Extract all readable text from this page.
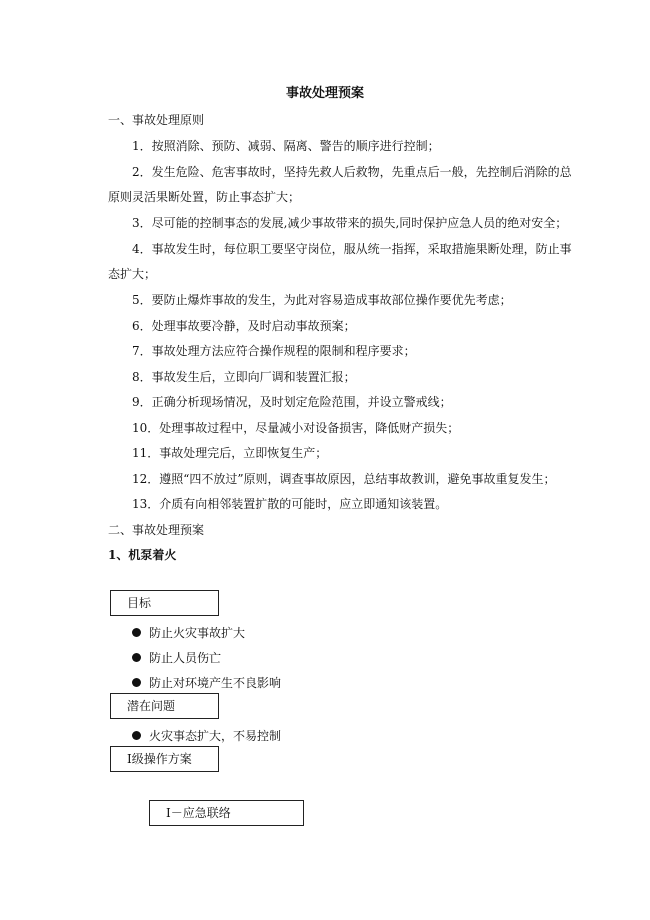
事故处理预案
一、事故处理原则
1．按照消除、预防、减弱、隔离、警告的顺序进行控制；
2．发生危险、危害事故时，坚持先救人后救物，先重点后一般，先控制后消除的总
原则灵活果断处置，防止事态扩大；
3．尽可能的控制事态的发展,减少事故带来的损失,同时保护应急人员的绝对安全；
4．事故发生时，每位职工要坚守岗位，服从统一指挥，采取措施果断处理，防止事
态扩大；
5．要防止爆炸事故的发生，为此对容易造成事故部位操作要优先考虑；
6．处理事故要冷静，及时启动事故预案；
7．事故处理方法应符合操作规程的限制和程序要求；
8．事故发生后，立即向厂调和装置汇报；
9．正确分析现场情况，及时划定危险范围，并设立警戒线；
10．处理事故过程中，尽量减小对设备损害，降低财产损失；
11．事故处理完后，立即恢复生产；
12．遵照“四不放过”原则，调查事故原因，总结事故教训，避免事故重复发生；
13．介质有向相邻装置扩散的可能时，应立即通知该装置。
二、事故处理预案
1、机泵着火
目标
防止火灾事故扩大
防止人员伤亡
防止对环境产生不良影响
潜在问题
火灾事态扩大，不易控制
I级操作方案
I－应急联络
